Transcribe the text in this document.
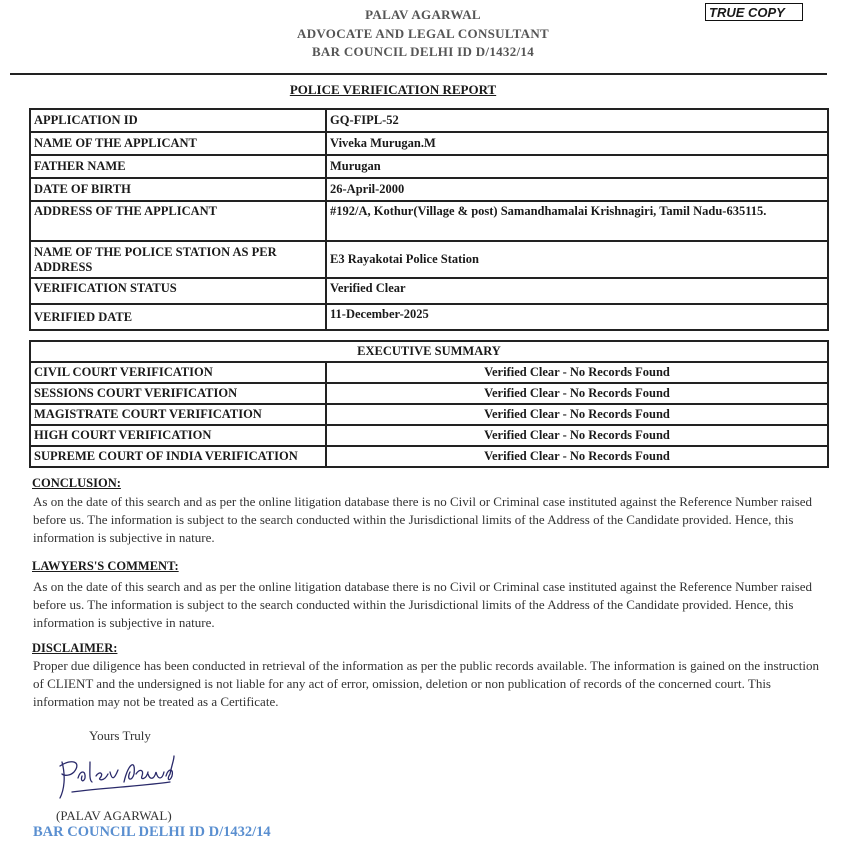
PALAV AGARWAL
ADVOCATE AND LEGAL CONSULTANT
BAR COUNCIL DELHI ID D/1432/14
TRUE COPY
POLICE VERIFICATION REPORT
APPLICATION ID	GQ-FIPL-52
NAME OF THE APPLICANT	Viveka Murugan.M
FATHER NAME	Murugan
DATE OF BIRTH	26-April-2000
ADDRESS OF THE APPLICANT	#192/A, Kothur(Village & post) Samandhamalai Krishnagiri, Tamil Nadu-635115.
NAME OF THE POLICE STATION AS PER ADDRESS	E3 Rayakotai Police Station
VERIFICATION STATUS	Verified Clear
VERIFIED DATE	11-December-2025
EXECUTIVE SUMMARY	
CIVIL COURT VERIFICATION	Verified Clear - No Records Found
SESSIONS COURT VERIFICATION	Verified Clear - No Records Found
MAGISTRATE COURT VERIFICATION	Verified Clear - No Records Found
HIGH COURT VERIFICATION	Verified Clear - No Records Found
SUPREME COURT OF INDIA VERIFICATION	Verified Clear - No Records Found
CONCLUSION:
As on the date of this search and as per the online litigation database there is no Civil or Criminal case instituted against the Reference Number raised before us. The information is subject to the search conducted within the Jurisdictional limits of the Address of the Candidate provided. Hence, this information is subjective in nature.
LAWYERS'S COMMENT:
As on the date of this search and as per the online litigation database there is no Civil or Criminal case instituted against the Reference Number raised before us. The information is subject to the search conducted within the Jurisdictional limits of the Address of the Candidate provided. Hence, this information is subjective in nature.
DISCLAIMER:
Proper due diligence has been conducted in retrieval of the information as per the public records available. The information is gained on the instruction of CLIENT and the undersigned is not liable for any act of error, omission, deletion or non publication of records of the concerned court. This information may not be treated as a Certificate.
Yours Truly
(PALAV AGARWAL)
BAR COUNCIL DELHI ID D/1432/14
